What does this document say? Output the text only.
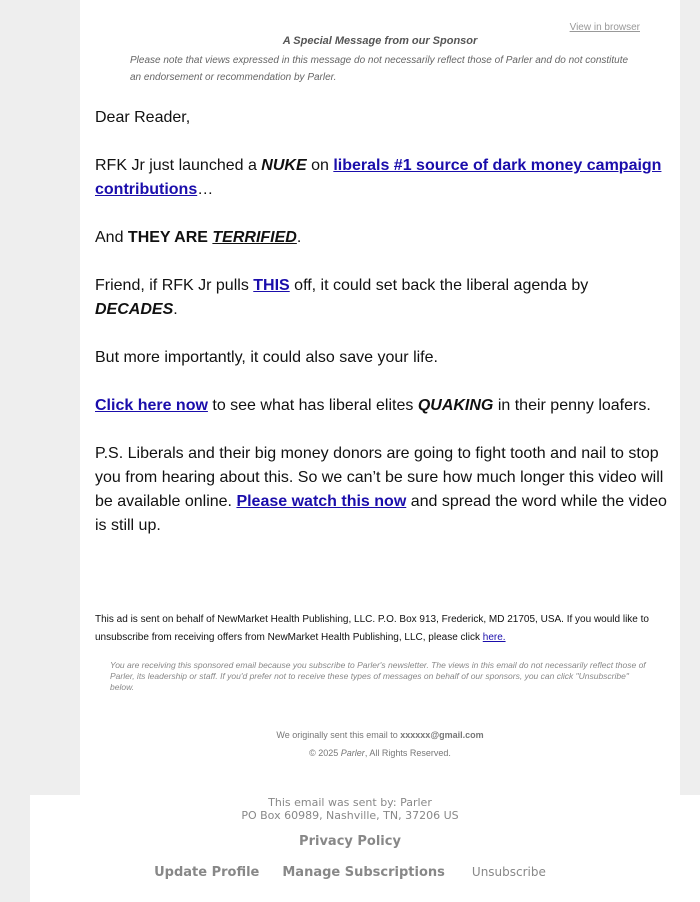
View in browser
A Special Message from our Sponsor
Please note that views expressed in this message do not necessarily reflect those of Parler and do not constitute an endorsement or recommendation by Parler.
Dear Reader,
RFK Jr just launched a NUKE on liberals #1 source of dark money campaign contributions…
And THEY ARE TERRIFIED.
Friend, if RFK Jr pulls THIS off, it could set back the liberal agenda by DECADES.
But more importantly, it could also save your life.
Click here now to see what has liberal elites QUAKING in their penny loafers.
P.S. Liberals and their big money donors are going to fight tooth and nail to stop you from hearing about this. So we can’t be sure how much longer this video will be available online. Please watch this now and spread the word while the video is still up.
This ad is sent on behalf of NewMarket Health Publishing, LLC. P.O. Box 913, Frederick, MD 21705, USA. If you would like to unsubscribe from receiving offers from NewMarket Health Publishing, LLC, please click here.
You are receiving this sponsored email because you subscribe to Parler's newsletter. The views in this email do not necessarily reflect those of Parler, its leadership or staff. If you'd prefer not to receive these types of messages on behalf of our sponsors, you can click "Unsubscribe" below.
We originally sent this email to xxxxxx@gmail.com
© 2025 Parler, All Rights Reserved.
This email was sent by: Parler
PO Box 60989, Nashville, TN, 37206 US
Privacy Policy
Update Profile Manage Subscriptions Unsubscribe
